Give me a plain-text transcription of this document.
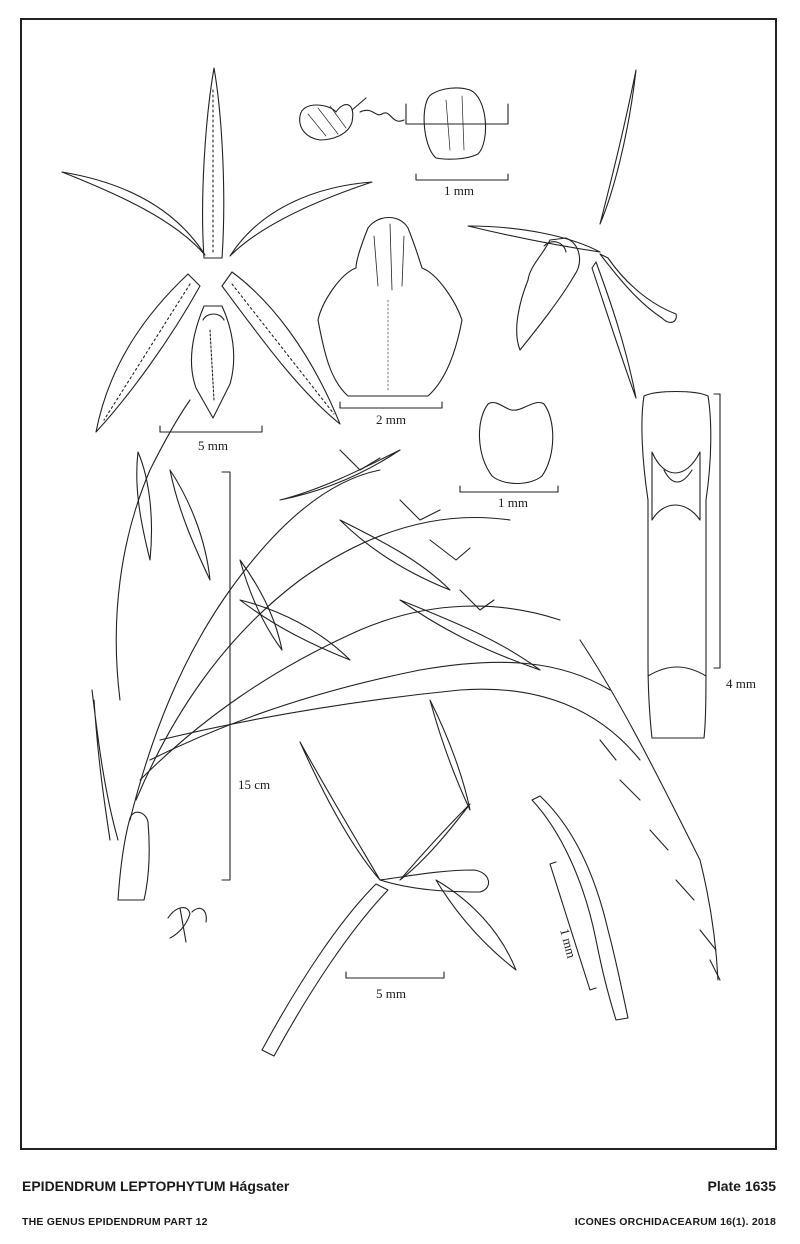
1 mm
5 mm
2 mm
1 mm
4 mm
15 cm
5 mm
1 mm
EPIDENDRUM LEPTOPHYTUM Hágsater	Plate 1635
THE GENUS EPIDENDRUM PART 12	ICONES ORCHIDACEARUM 16(1). 2018
